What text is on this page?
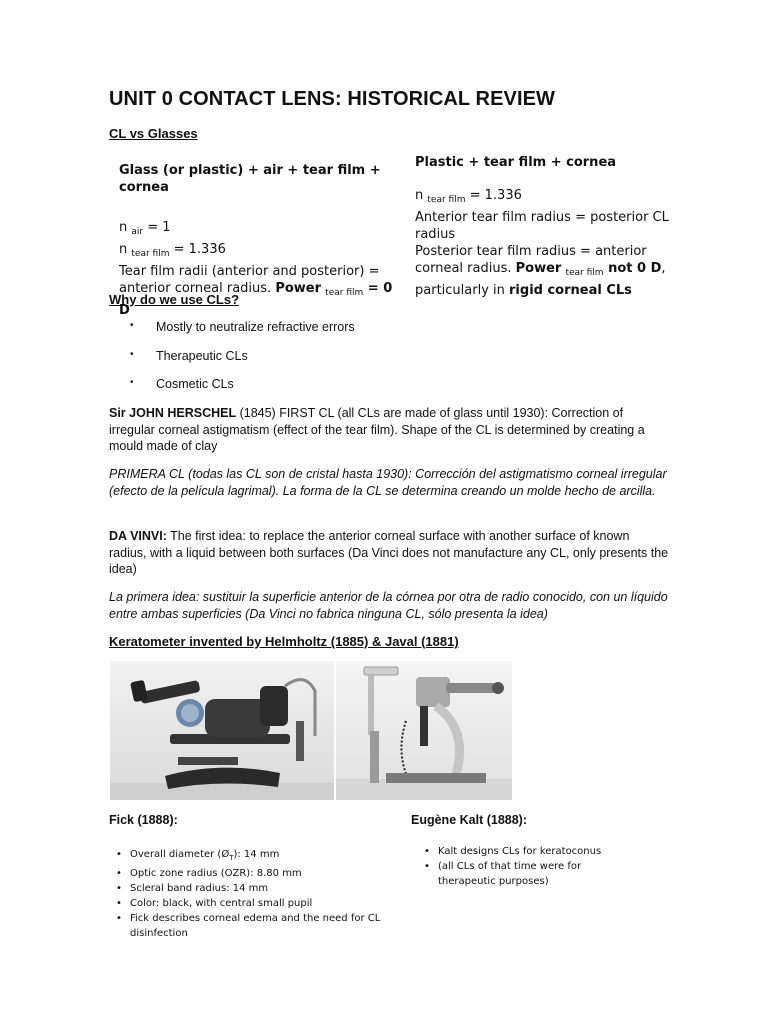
UNIT 0 CONTACT LENS: HISTORICAL REVIEW
CL vs Glasses
Glass (or plastic) + air + tear film + cornea
n $_{air}$ = 1
n $_{tear film}$ = 1.336
Tear film radii (anterior and posterior) = anterior corneal radius. Power $_{tear film}$ = 0 D
Plastic + tear film + cornea
n $_{tear film}$ = 1.336
Anterior tear film radius = posterior CL radius
Posterior tear film radius = anterior corneal radius. Power $_{tear film}$ not 0 D, particularly in rigid corneal CLs
Why do we use CLs?
• Mostly to neutralize refractive errors
• Therapeutic CLs
• Cosmetic CLs
Sir JOHN HERSCHEL (1845) FIRST CL (all CLs are made of glass until 1930): Correction of irregular corneal astigmatism (effect of the tear film). Shape of the CL is determined by creating a mould made of clay
PRIMERA CL (todas las CL son de cristal hasta 1930): Corrección del astigmatismo corneal irregular (efecto de la película lagrimal). La forma de la CL se determina creando un molde hecho de arcilla.
DA VINVI: The first idea: to replace the anterior corneal surface with another surface of known radius, with a liquid between both surfaces (Da Vinci does not manufacture any CL, only presents the idea)
La primera idea: sustituir la superficie anterior de la córnea por otra de radio conocido, con un líquido entre ambas superficies (Da Vinci no fabrica ninguna CL, sólo presenta la idea)
Keratometer invented by Helmholtz (1885) & Javal (1881)
Fick (1888):
• Overall diameter $(Ø_T)$: 14 mm
• Optic zone radius (OZR): 8.80 mm
• Scleral band radius: 14 mm
• Color: black, with central small pupil
• Fick describes corneal edema and the need for CL disinfection
Eugène Kalt (1888):
• Kalt designs CLs for keratoconus
• (all CLs of that time were for therapeutic purposes)
